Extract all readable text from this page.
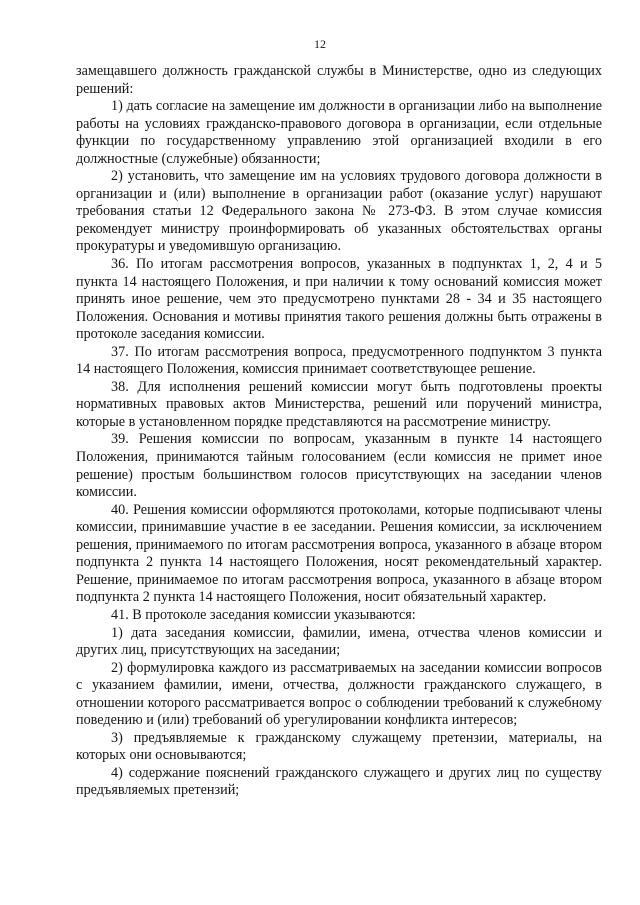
12

замещавшего должность гражданской службы в Министерстве, одно из следующих решений:

1) дать согласие на замещение им должности в организации либо на выполнение работы на условиях гражданско-правового договора в организации, если отдельные функции по государственному управлению этой организацией входили в его должностные (служебные) обязанности;

2) установить, что замещение им на условиях трудового договора должности в организации и (или) выполнение в организации работ (оказание услуг) нарушают требования статьи 12 Федерального закона № 273-ФЗ. В этом случае комиссия рекомендует министру проинформировать об указанных обстоятельствах органы прокуратуры и уведомившую организацию.

36. По итогам рассмотрения вопросов, указанных в подпунктах 1, 2, 4 и 5 пункта 14 настоящего Положения, и при наличии к тому оснований комиссия может принять иное решение, чем это предусмотрено пунктами 28 - 34 и 35 настоящего Положения. Основания и мотивы принятия такого решения должны быть отражены в протоколе заседания комиссии.

37. По итогам рассмотрения вопроса, предусмотренного подпунктом 3 пункта 14 настоящего Положения, комиссия принимает соответствующее решение.

38. Для исполнения решений комиссии могут быть подготовлены проекты нормативных правовых актов Министерства, решений или поручений министра, которые в установленном порядке представляются на рассмотрение министру.

39. Решения комиссии по вопросам, указанным в пункте 14 настоящего Положения, принимаются тайным голосованием (если комиссия не примет иное решение) простым большинством голосов присутствующих на заседании членов комиссии.

40. Решения комиссии оформляются протоколами, которые подписывают члены комиссии, принимавшие участие в ее заседании. Решения комиссии, за исключением решения, принимаемого по итогам рассмотрения вопроса, указанного в абзаце втором подпункта 2 пункта 14 настоящего Положения, носят рекомендательный характер. Решение, принимаемое по итогам рассмотрения вопроса, указанного в абзаце втором подпункта 2 пункта 14 настоящего Положения, носит обязательный характер.

41. В протоколе заседания комиссии указываются:

1) дата заседания комиссии, фамилии, имена, отчества членов комиссии и других лиц, присутствующих на заседании;

2) формулировка каждого из рассматриваемых на заседании комиссии вопросов с указанием фамилии, имени, отчества, должности гражданского служащего, в отношении которого рассматривается вопрос о соблюдении требований к служебному поведению и (или) требований об урегулировании конфликта интересов;

3) предъявляемые к гражданскому служащему претензии, материалы, на которых они основываются;

4) содержание пояснений гражданского служащего и других лиц по существу предъявляемых претензий;
